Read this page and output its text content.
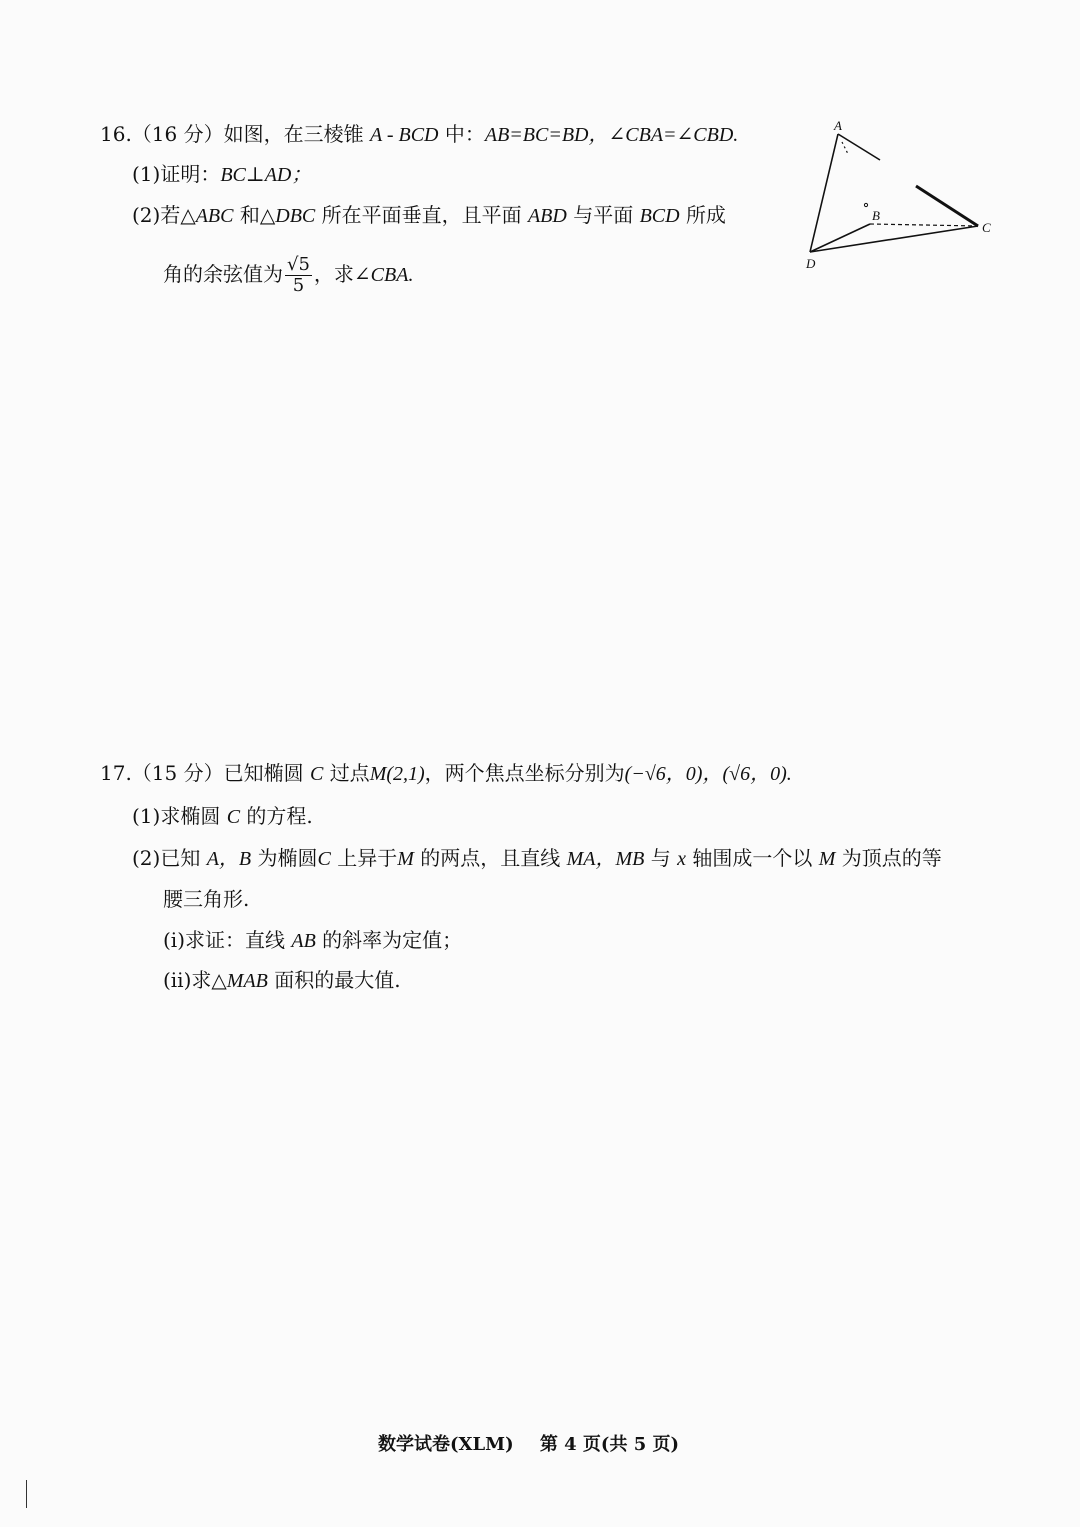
16.（16 分）如图，在三棱锥 A - BCD 中：AB=BC=BD，∠CBA=∠CBD.
(1)证明：BC⊥AD；
(2)若△ABC 和△DBC 所在平面垂直，且平面 ABD 与平面 BCD 所成
角的余弦值为 $\frac{√5}{5}$ ，求∠CBA.
A
B
C
D
17.（15 分）已知椭圆 C 过点M(2,1)，两个焦点坐标分别为(−√6，0)，(√6，0).
(1)求椭圆 C 的方程.
(2)已知 A，B 为椭圆C 上异于M 的两点，且直线 MA，MB 与 x 轴围成一个以 M 为顶点的等
腰三角形.
(ⅰ)求证：直线 AB 的斜率为定值；
(ⅱ)求△MAB 面积的最大值.
数学试卷(XLM) 第 4 页(共 5 页)
